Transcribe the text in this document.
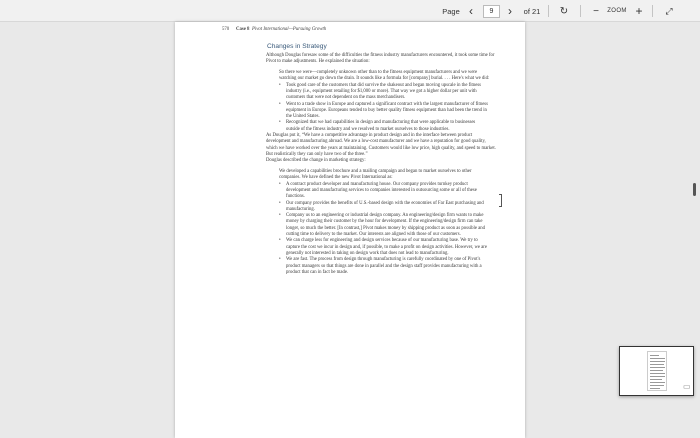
Page ‹	9	›	of 21	↻ −	ZOOM +	⤢
570 Case 8 Pivot International—Pursuing Growth
Changes in Strategy

Although Douglas foresaw some of the difficulties the fitness industry manufacturers encountered, it took some time for Pivot to make adjustments. He explained the situation:

So there we were—completely unknown other than to the fitness equipment manufacturers and we were watching our market go down the drain. It sounds like a formula for [company] burial. . . . Here's what we did:

• Took good care of the customers that did survive the shakeout and began moving upscale in the fitness industry (i.e., equipment retailing for $1,000 or more). That way we got a higher dollar per unit with customers that were not dependent on the mass merchandisers.
• Went to a trade show in Europe and captured a significant contract with the largest manufacturer of fitness equipment in Europe. Europeans tended to buy better quality fitness equipment than had been the trend in the United States.
• Recognized that we had capabilities in design and manufacturing that were applicable to businesses outside of the fitness industry and we resolved to market ourselves to those industries.

As Douglas put it, “We have a competitive advantage in product design and in the interface between product development and manufacturing abroad. We are a low-cost manufacturer and we have a reputation for good quality, which we have worked over the years at maintaining. Customers would like low price, high quality, and speed to market. But realistically they can only have two of the three.”

Douglas described the change in marketing strategy:

We developed a capabilities brochure and a mailing campaign and began to market ourselves to other companies. We have defined the new Pivot International as:

• A contract product developer and manufacturing house. Our company provides turnkey product development and manufacturing services to companies interested in outsourcing some or all of these functions.
• Our company provides the benefits of U.S.-based design with the economies of Far East purchasing and manufacturing.
• Company us to an engineering or industrial design company. An engineering/design firm wants to make money by charging their customer by the hour for development. If the engineering/design firm can take longer, so much the better. [In contrast,] Pivot makes money by shipping product as soon as possible and cutting time to delivery to the market. Our interests are aligned with those of our customers.
• We can charge less for engineering and design services because of our manufacturing base. We try to capture the cost we incur in design and, if possible, to make a profit on design activities. However, we are generally not interested in taking on design work that does not lead to manufacturing.
• We are fast. The process from design through manufacturing is carefully coordinated by one of Pivot's product managers so that things are done in parallel and the design staff provides manufacturing with a product that can in fact be made.
▭
